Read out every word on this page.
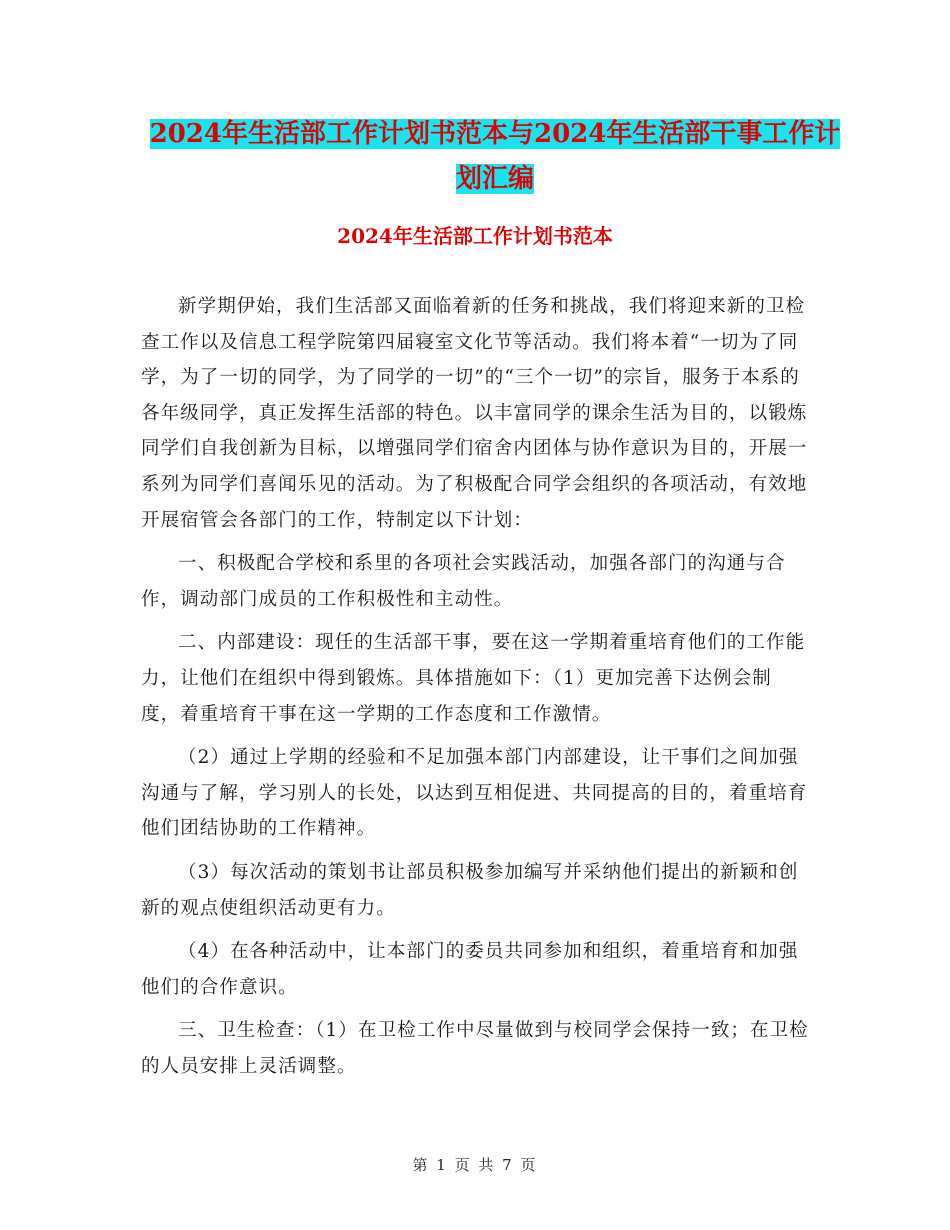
2024年生活部工作计划书范本与2024年生活部干事工作计划汇编
2024年生活部工作计划书范本

新学期伊始，我们生活部又面临着新的任务和挑战，我们将迎来新的卫检查工作以及信息工程学院第四届寝室文化节等活动。我们将本着“一切为了同学，为了一切的同学，为了同学的一切”的“三个一切”的宗旨，服务于本系的各年级同学，真正发挥生活部的特色。以丰富同学的课余生活为目的，以锻炼同学们自我创新为目标，以增强同学们宿舍内团体与协作意识为目的，开展一系列为同学们喜闻乐见的活动。为了积极配合同学会组织的各项活动，有效地开展宿管会各部门的工作，特制定以下计划：

一、积极配合学校和系里的各项社会实践活动，加强各部门的沟通与合作，调动部门成员的工作积极性和主动性。

二、内部建设：现任的生活部干事，要在这一学期着重培育他们的工作能力，让他们在组织中得到锻炼。具体措施如下：（1）更加完善下达例会制度，着重培育干事在这一学期的工作态度和工作激情。

（2）通过上学期的经验和不足加强本部门内部建设，让干事们之间加强沟通与了解，学习别人的长处，以达到互相促进、共同提高的目的，着重培育他们团结协助的工作精神。

（3）每次活动的策划书让部员积极参加编写并采纳他们提出的新颖和创新的观点使组织活动更有力。

（4）在各种活动中，让本部门的委员共同参加和组织，着重培育和加强他们的合作意识。

三、卫生检查：（1）在卫检工作中尽量做到与校同学会保持一致；在卫检的人员安排上灵活调整。

第 1 页 共 7 页
